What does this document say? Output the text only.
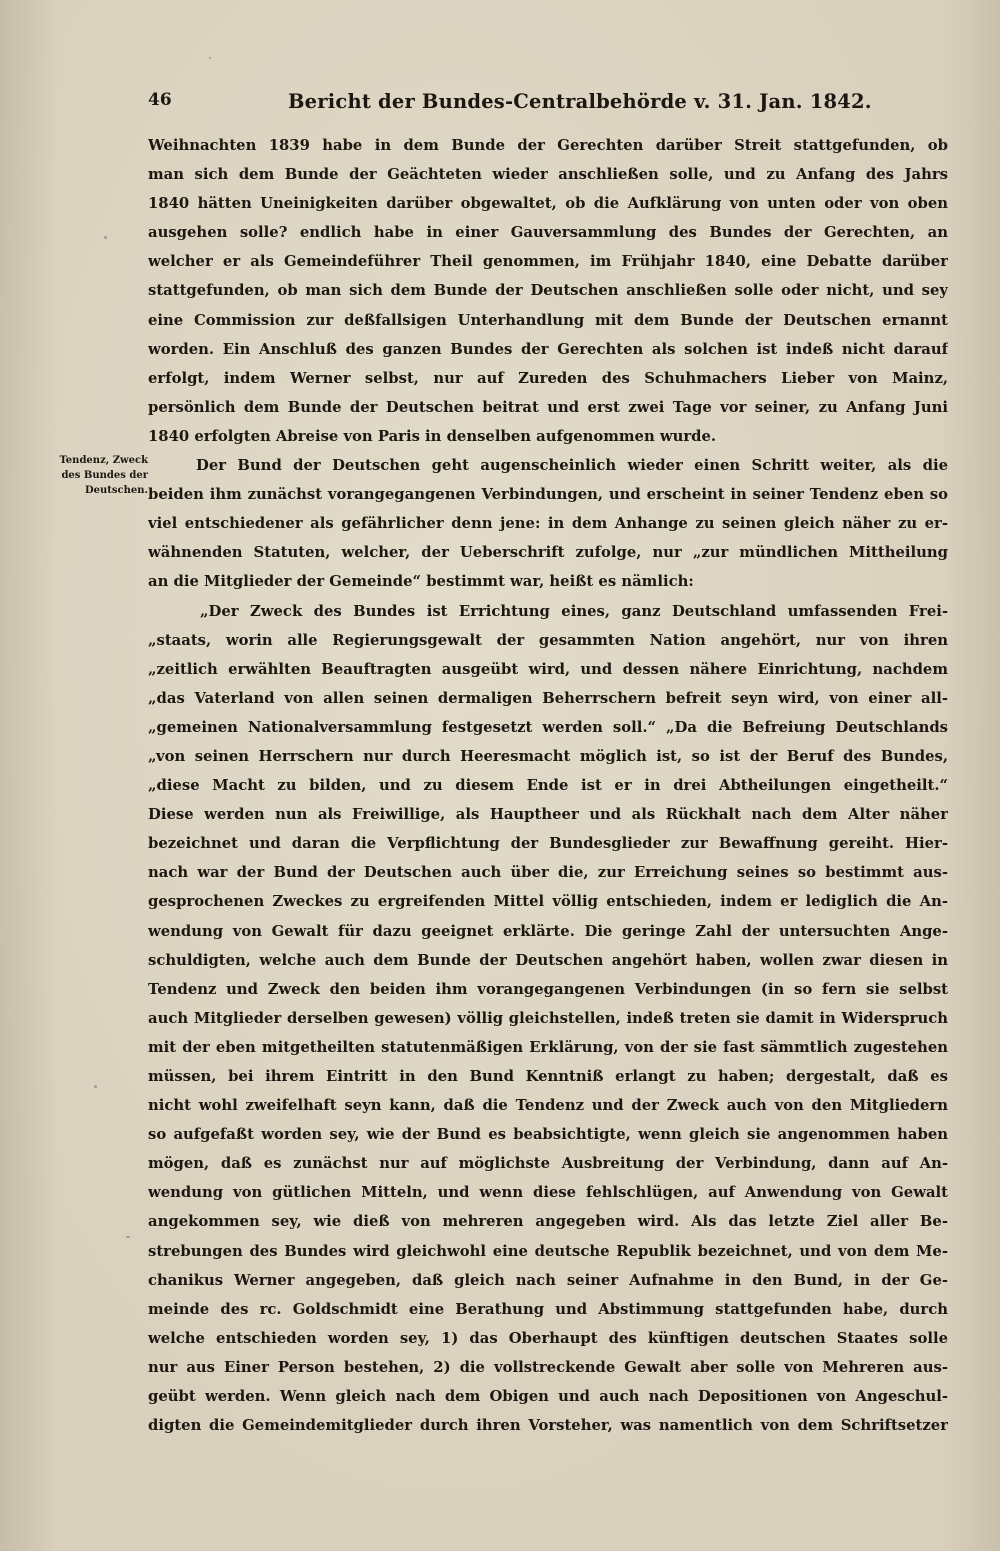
46	Bericht der Bundes-Centralbehörde v. 31. Jan. 1842.
Tendenz, Zweck
des Bundes der
Deutschen.
Weihnachten 1839 habe in dem Bunde der Gerechten darüber Streit stattgefunden, ob
man sich dem Bunde der Geächteten wieder anschließen solle, und zu Anfang des Jahrs
1840 hätten Uneinigkeiten darüber obgewaltet, ob die Aufklärung von unten oder von oben
ausgehen solle? endlich habe in einer Gauversammlung des Bundes der Gerechten, an
welcher er als Gemeindeführer Theil genommen, im Frühjahr 1840, eine Debatte darüber
stattgefunden, ob man sich dem Bunde der Deutschen anschließen solle oder nicht, und sey
eine Commission zur deßfallsigen Unterhandlung mit dem Bunde der Deutschen ernannt
worden. Ein Anschluß des ganzen Bundes der Gerechten als solchen ist indeß nicht darauf
erfolgt, indem Werner selbst, nur auf Zureden des Schuhmachers Lieber von Mainz,
persönlich dem Bunde der Deutschen beitrat und erst zwei Tage vor seiner, zu Anfang Juni
1840 erfolgten Abreise von Paris in denselben aufgenommen wurde.
Der Bund der Deutschen geht augenscheinlich wieder einen Schritt weiter, als die
beiden ihm zunächst vorangegangenen Verbindungen, und erscheint in seiner Tendenz eben so
viel entschiedener als gefährlicher denn jene: in dem Anhange zu seinen gleich näher zu er-
wähnenden Statuten, welcher, der Ueberschrift zufolge, nur „zur mündlichen Mittheilung
an die Mitglieder der Gemeinde“ bestimmt war, heißt es nämlich:
„Der Zweck des Bundes ist Errichtung eines, ganz Deutschland umfassenden Frei-
„staats, worin alle Regierungsgewalt der gesammten Nation angehört, nur von ihren
„zeitlich erwählten Beauftragten ausgeübt wird, und dessen nähere Einrichtung, nachdem
„das Vaterland von allen seinen dermaligen Beherrschern befreit seyn wird, von einer all-
„gemeinen Nationalversammlung festgesetzt werden soll.“ „Da die Befreiung Deutschlands
„von seinen Herrschern nur durch Heeresmacht möglich ist, so ist der Beruf des Bundes,
„diese Macht zu bilden, und zu diesem Ende ist er in drei Abtheilungen eingetheilt.“
Diese werden nun als Freiwillige, als Hauptheer und als Rückhalt nach dem Alter näher
bezeichnet und daran die Verpflichtung der Bundesglieder zur Bewaffnung gereiht. Hier-
nach war der Bund der Deutschen auch über die, zur Erreichung seines so bestimmt aus-
gesprochenen Zweckes zu ergreifenden Mittel völlig entschieden, indem er lediglich die An-
wendung von Gewalt für dazu geeignet erklärte. Die geringe Zahl der untersuchten Ange-
schuldigten, welche auch dem Bunde der Deutschen angehört haben, wollen zwar diesen in
Tendenz und Zweck den beiden ihm vorangegangenen Verbindungen (in so fern sie selbst
auch Mitglieder derselben gewesen) völlig gleichstellen, indeß treten sie damit in Widerspruch
mit der eben mitgetheilten statutenmäßigen Erklärung, von der sie fast sämmtlich zugestehen
müssen, bei ihrem Eintritt in den Bund Kenntniß erlangt zu haben; dergestalt, daß es
nicht wohl zweifelhaft seyn kann, daß die Tendenz und der Zweck auch von den Mitgliedern
so aufgefaßt worden sey, wie der Bund es beabsichtigte, wenn gleich sie angenommen haben
mögen, daß es zunächst nur auf möglichste Ausbreitung der Verbindung, dann auf An-
wendung von gütlichen Mitteln, und wenn diese fehlschlügen, auf Anwendung von Gewalt
angekommen sey, wie dieß von mehreren angegeben wird. Als das letzte Ziel aller Be-
strebungen des Bundes wird gleichwohl eine deutsche Republik bezeichnet, und von dem Me-
chanikus Werner angegeben, daß gleich nach seiner Aufnahme in den Bund, in der Ge-
meinde des rc. Goldschmidt eine Berathung und Abstimmung stattgefunden habe, durch
welche entschieden worden sey, 1) das Oberhaupt des künftigen deutschen Staates solle
nur aus Einer Person bestehen, 2) die vollstreckende Gewalt aber solle von Mehreren aus-
geübt werden. Wenn gleich nach dem Obigen und auch nach Depositionen von Angeschul-
digten die Gemeindemitglieder durch ihren Vorsteher, was namentlich von dem Schriftsetzer
